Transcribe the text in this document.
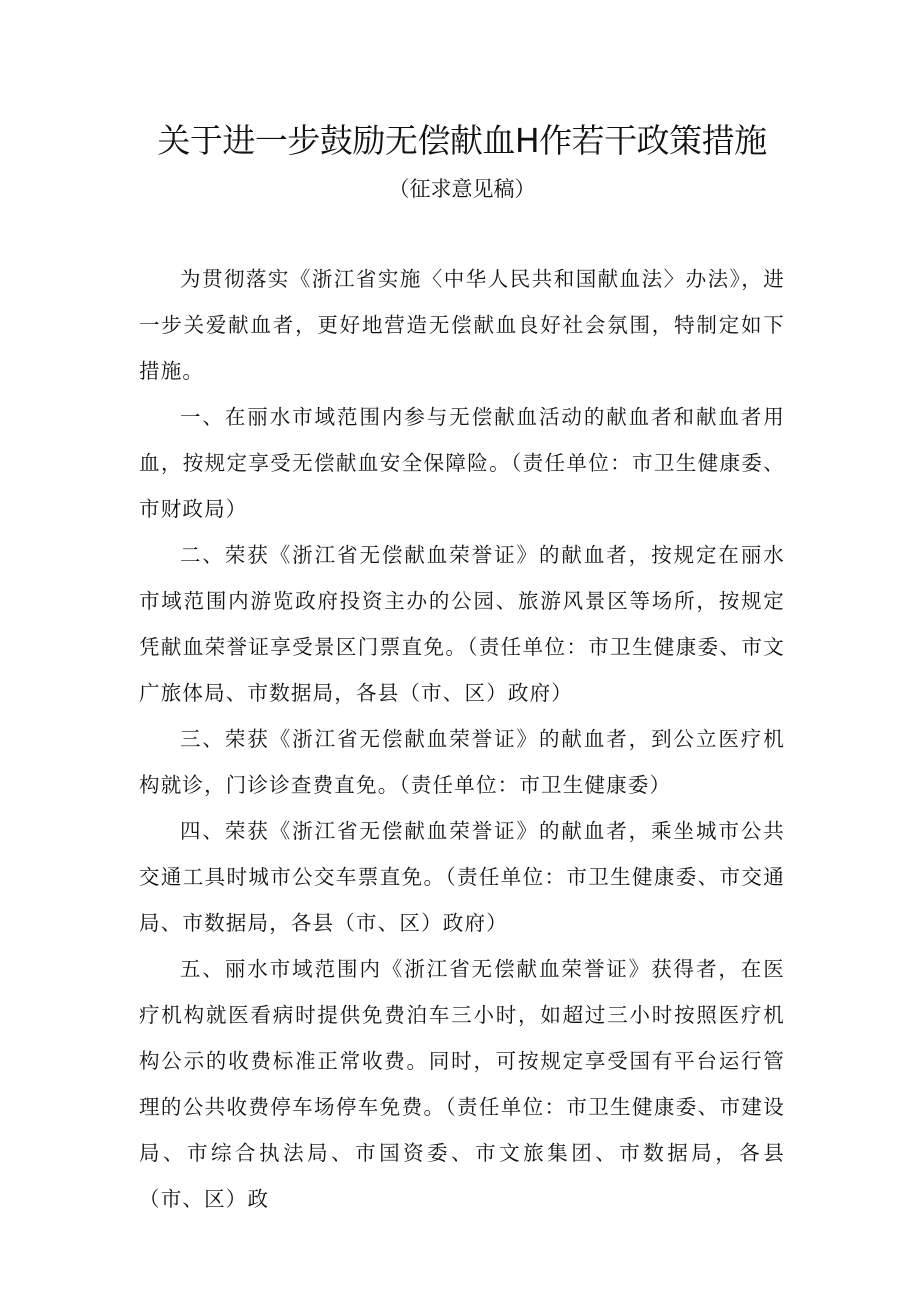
关于进一步鼓励无偿献血H作若干政策措施
（征求意见稿）

为贯彻落实《浙江省实施〈中华人民共和国献血法〉办法》，进一步关爱献血者，更好地营造无偿献血良好社会氛围，特制定如下措施。

一、在丽水市域范围内参与无偿献血活动的献血者和献血者用血，按规定享受无偿献血安全保障险。（责任单位：市卫生健康委、市财政局）

二、荣获《浙江省无偿献血荣誉证》的献血者，按规定在丽水市域范围内游览政府投资主办的公园、旅游风景区等场所，按规定凭献血荣誉证享受景区门票直免。（责任单位：市卫生健康委、市文广旅体局、市数据局，各县（市、区）政府）

三、荣获《浙江省无偿献血荣誉证》的献血者，到公立医疗机构就诊，门诊诊查费直免。（责任单位：市卫生健康委）

四、荣获《浙江省无偿献血荣誉证》的献血者，乘坐城市公共交通工具时城市公交车票直免。（责任单位：市卫生健康委、市交通局、市数据局，各县（市、区）政府）

五、丽水市域范围内《浙江省无偿献血荣誉证》获得者，在医疗机构就医看病时提供免费泊车三小时，如超过三小时按照医疗机构公示的收费标准正常收费。同时，可按规定享受国有平台运行管理的公共收费停车场停车免费。（责任单位：市卫生健康委、市建设局、市综合执法局、市国资委、市文旅集团、市数据局，各县（市、区）政
